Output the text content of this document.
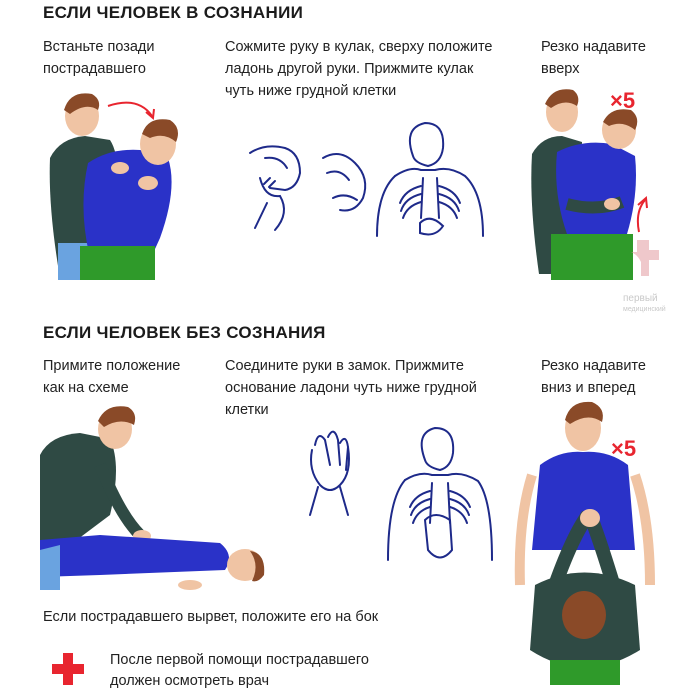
ЕСЛИ ЧЕЛОВЕК В СОЗНАНИИ
Встаньте позади
пострадавшего
Сожмите руку в кулак, сверху положите
ладонь другой руки. Прижмите кулак
чуть ниже грудной клетки
Резко надавите
вверх
×5
первый
медицинский
ЕСЛИ ЧЕЛОВЕК БЕЗ СОЗНАНИЯ
Примите положение
как на схеме
Соедините руки в замок. Прижмите
основание ладони чуть ниже грудной
клетки
Резко надавите
вниз и вперед
×5
Если пострадавшего вырвет, положите его на бок
После первой помощи пострадавшего
должен осмотреть врач
